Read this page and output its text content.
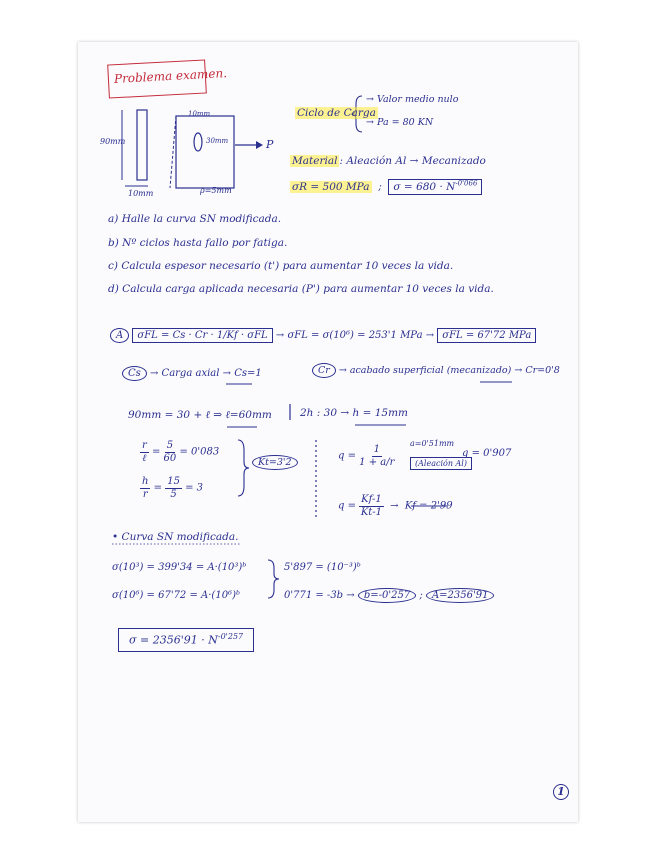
Problema examen.
90mm
10mm
10mm
30mm
ρ=5mm
P
Ciclo de Carga
→ Valor medio nulo
→ Pa = 80 KN
Material : Aleación Al → Mecanizado
σR = 500 MPa  ;  $\sigma = 680 \cdot N^{-0'066}$
a) Halle la curva SN modificada.
b) Nº ciclos hasta fallo por fatiga.
c) Calcula espesor necesario (t') para aumentar 10 veces la vida.
d) Calcula carga aplicada necesaria (P') para aumentar 10 veces la vida.
A σFL = Cs · Cr · 1/Kf · σFL → σFL = σ(10⁶) = 253'1 MPa → σFL = 67'72 MPa
Cs → Carga axial → Cs=1	Cr → acabado superficial (mecanizado) → Cr=0'8
90mm = 30 + ℓ ⇒ ℓ=60mm	2h : 30 → h = 15mm
$\frac{r}{\text{ℓ}} = \frac{5}{60} = 0'083$
$\frac{h}{r} = \frac{15}{5} = 3$
Kt=3'2
$q = \frac{1}{1 + a/r}$
a=0'51mm
(Aleación Al)
q = 0'907
$q = \frac{Kf-1}{Kt-1} \to Kf = 2'99$
• Curva SN modificada.
σ(10³) = 399'34 = A·(10³)ᵇ
σ(10⁶) = 67'72 = A·(10⁶)ᵇ
5'897 = (10⁻³)ᵇ
0'771 = -3b → b=-0'257 ; A=2356'91
$\sigma = 2356'91 \cdot N^{-0'257}$
1
